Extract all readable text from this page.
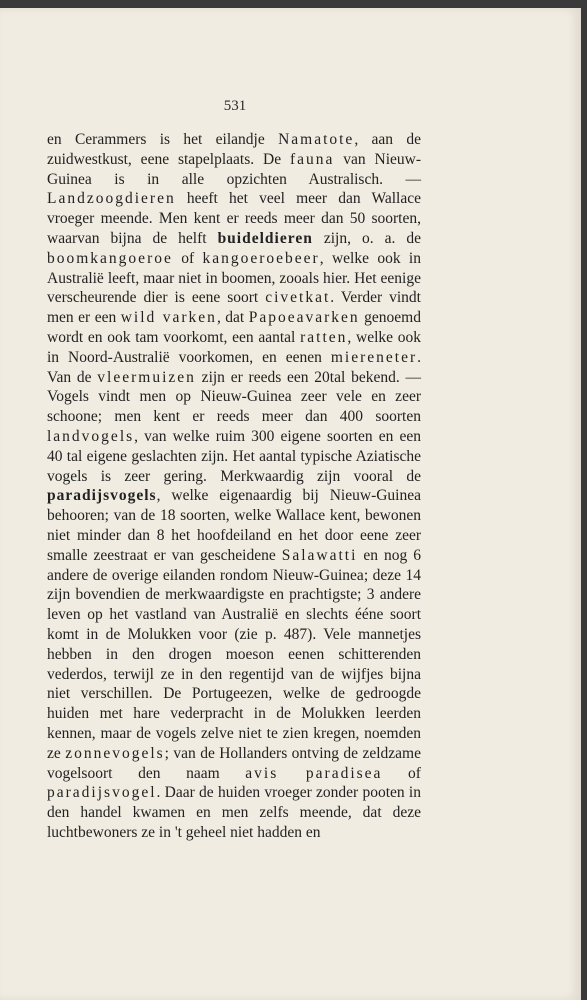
531

en Cerammers is het eilandje Namatote, aan de zuidwestkust, eene stapelplaats. De fauna van Nieuw-Guinea is in alle opzichten Australisch. — Landzoogdieren heeft het veel meer dan Wallace vroeger meende. Men kent er reeds meer dan 50 soorten, waarvan bijna de helft buideldieren zijn, o. a. de boomkangoeroe of kangoeroebeer, welke ook in Australië leeft, maar niet in boomen, zooals hier. Het eenige verscheurende dier is eene soort civetkat. Verder vindt men er een wild varken, dat Papoeavarken genoemd wordt en ook tam voorkomt, een aantal ratten, welke ook in Noord-Australië voorkomen, en eenen miereneter. Van de vleermuizen zijn er reeds een 20tal bekend. — Vogels vindt men op Nieuw-Guinea zeer vele en zeer schoone; men kent er reeds meer dan 400 soorten landvogels, van welke ruim 300 eigene soorten en een 40 tal eigene geslachten zijn. Het aantal typische Aziatische vogels is zeer gering. Merkwaardig zijn vooral de paradijsvogels, welke eigenaardig bij Nieuw-Guinea behooren; van de 18 soorten, welke Wallace kent, bewonen niet minder dan 8 het hoofdeiland en het door eene zeer smalle zeestraat er van gescheidene Salawatti en nog 6 andere de overige eilanden rondom Nieuw-Guinea; deze 14 zijn bovendien de merkwaardigste en prachtigste; 3 andere leven op het vastland van Australië en slechts ééne soort komt in de Molukken voor (zie p. 487). Vele mannetjes hebben in den drogen moeson eenen schitterenden vederdos, terwijl ze in den regentijd van de wijfjes bijna niet verschillen. De Portugeezen, welke de gedroogde huiden met hare vederpracht in de Molukken leerden kennen, maar de vogels zelve niet te zien kregen, noemden ze zonnevogels; van de Hollanders ontving de zeldzame vogelsoort den naam avis paradisea of paradijsvogel. Daar de huiden vroeger zonder pooten in den handel kwamen en men zelfs meende, dat deze luchtbewoners ze in 't geheel niet hadden en
